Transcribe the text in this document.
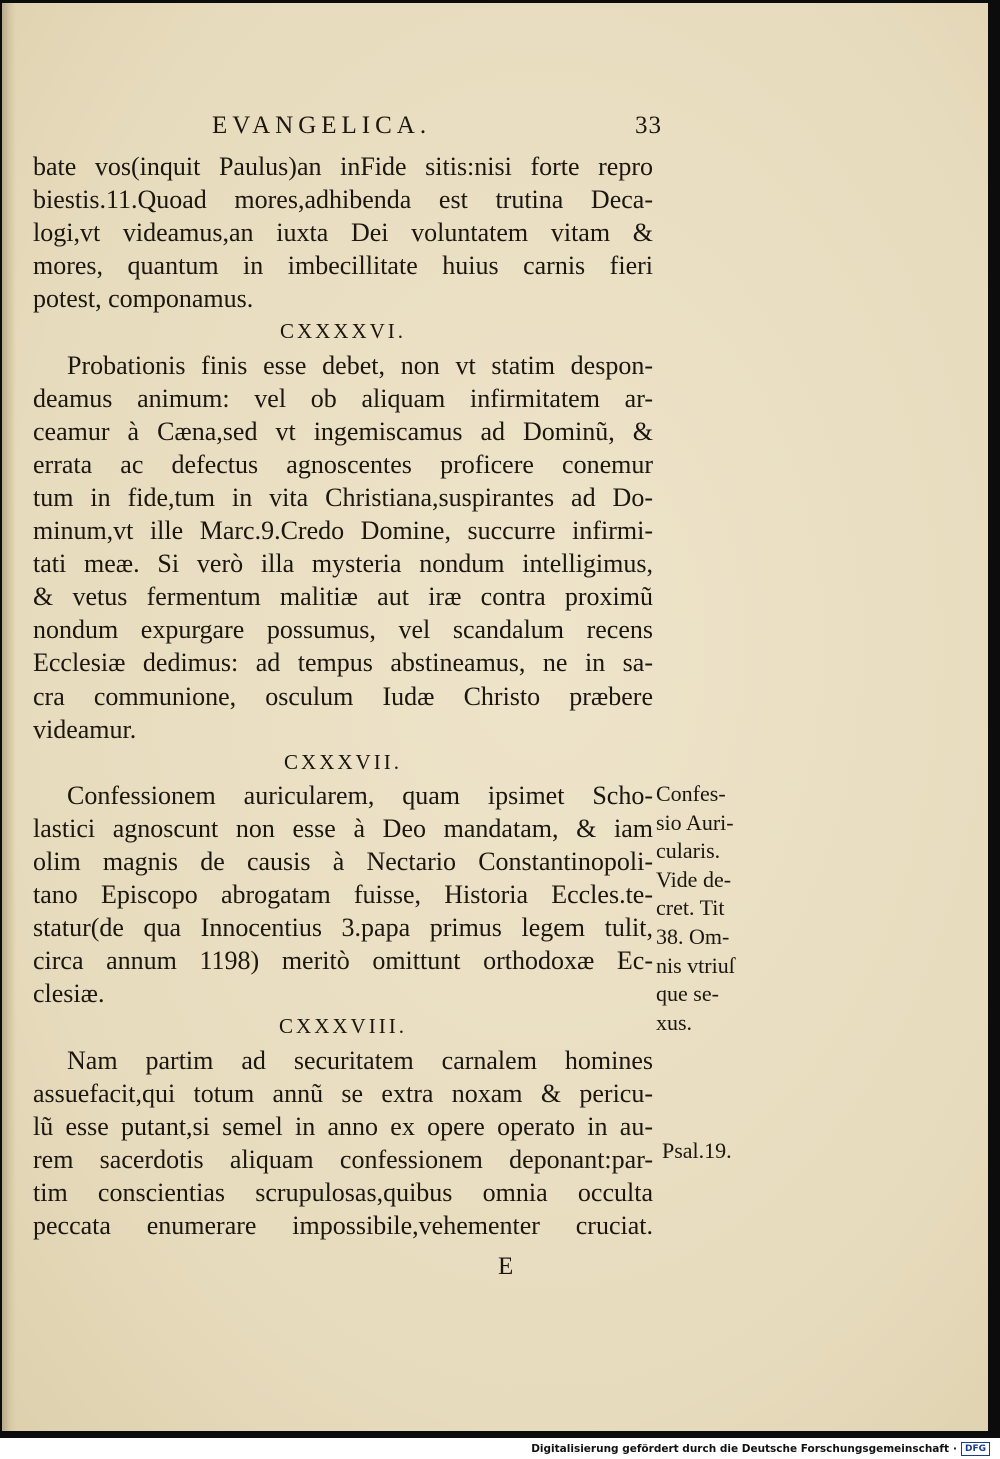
EVANGELICA.	33
bate vos(inquit Paulus)an inFide sitis:nisi forte repro
biestis.11.Quoad mores,adhibenda est trutina Deca-
logi,vt videamus,an iuxta Dei voluntatem vitam &
mores, quantum in imbecillitate huius carnis fieri
potest, componamus.
CXXXXVI.
Probationis finis esse debet, non vt statim despon-
deamus animum: vel ob aliquam infirmitatem ar-
ceamur à Cæna,sed vt ingemiscamus ad Dominũ, &
errata ac defectus agnoscentes proficere conemur
tum in fide,tum in vita Christiana,suspirantes ad Do-
minum,vt ille Marc.9.Credo Domine, succurre infirmi-
tati meæ. Si verò illa mysteria nondum intelligimus,
& vetus fermentum malitiæ aut iræ contra proximũ
nondum expurgare possumus, vel scandalum recens
Ecclesiæ dedimus: ad tempus abstineamus, ne in sa-
cra communione, osculum Iudæ Christo præbere
videamur.
CXXXVII.
Confessionem auricularem, quam ipsimet Scho-
lastici agnoscunt non esse à Deo mandatam, & iam
olim magnis de causis à Nectario Constantinopoli-
tano Episcopo abrogatam fuisse, Historia Eccles.te-
statur(de qua Innocentius 3.papa primus legem tulit,
circa annum 1198) meritò omittunt orthodoxæ Ec-
clesiæ.
CXXXVIII.
Nam partim ad securitatem carnalem homines
assuefacit,qui totum annũ se extra noxam & pericu-
lũ esse putant,si semel in anno ex opere operato in au-
rem sacerdotis aliquam confessionem deponant:par-
tim conscientias scrupulosas,quibus omnia occulta
peccata enumerare impossibile,vehementer cruciat.
Confes-
sio Auri-
cularis.
Vide de-
cret. Tit
38. Om-
nis vtriuſ
que se-
xus.
Psal.19.
E
Digitalisierung gefördert durch die Deutsche Forschungsgemeinschaft · DFG
